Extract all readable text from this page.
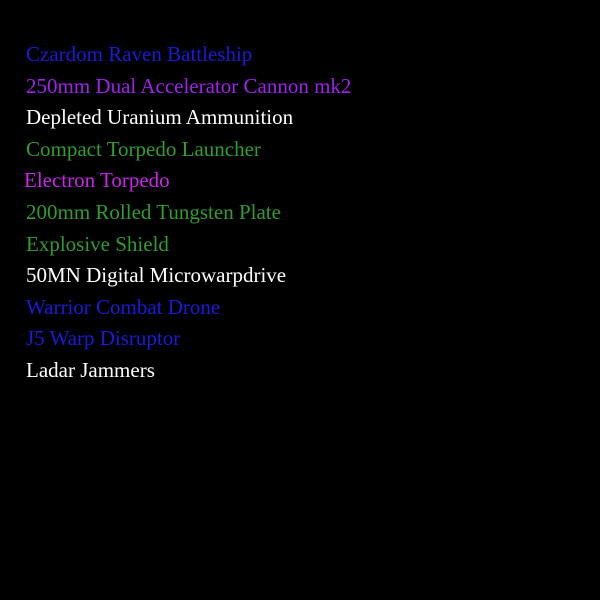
Czardom Raven Battleship
250mm Dual Accelerator Cannon mk2
Depleted Uranium Ammunition
Compact Torpedo Launcher
Electron Torpedo
200mm Rolled Tungsten Plate
Explosive Shield
50MN Digital Microwarpdrive
Warrior Combat Drone
J5 Warp Disruptor
Ladar Jammers
